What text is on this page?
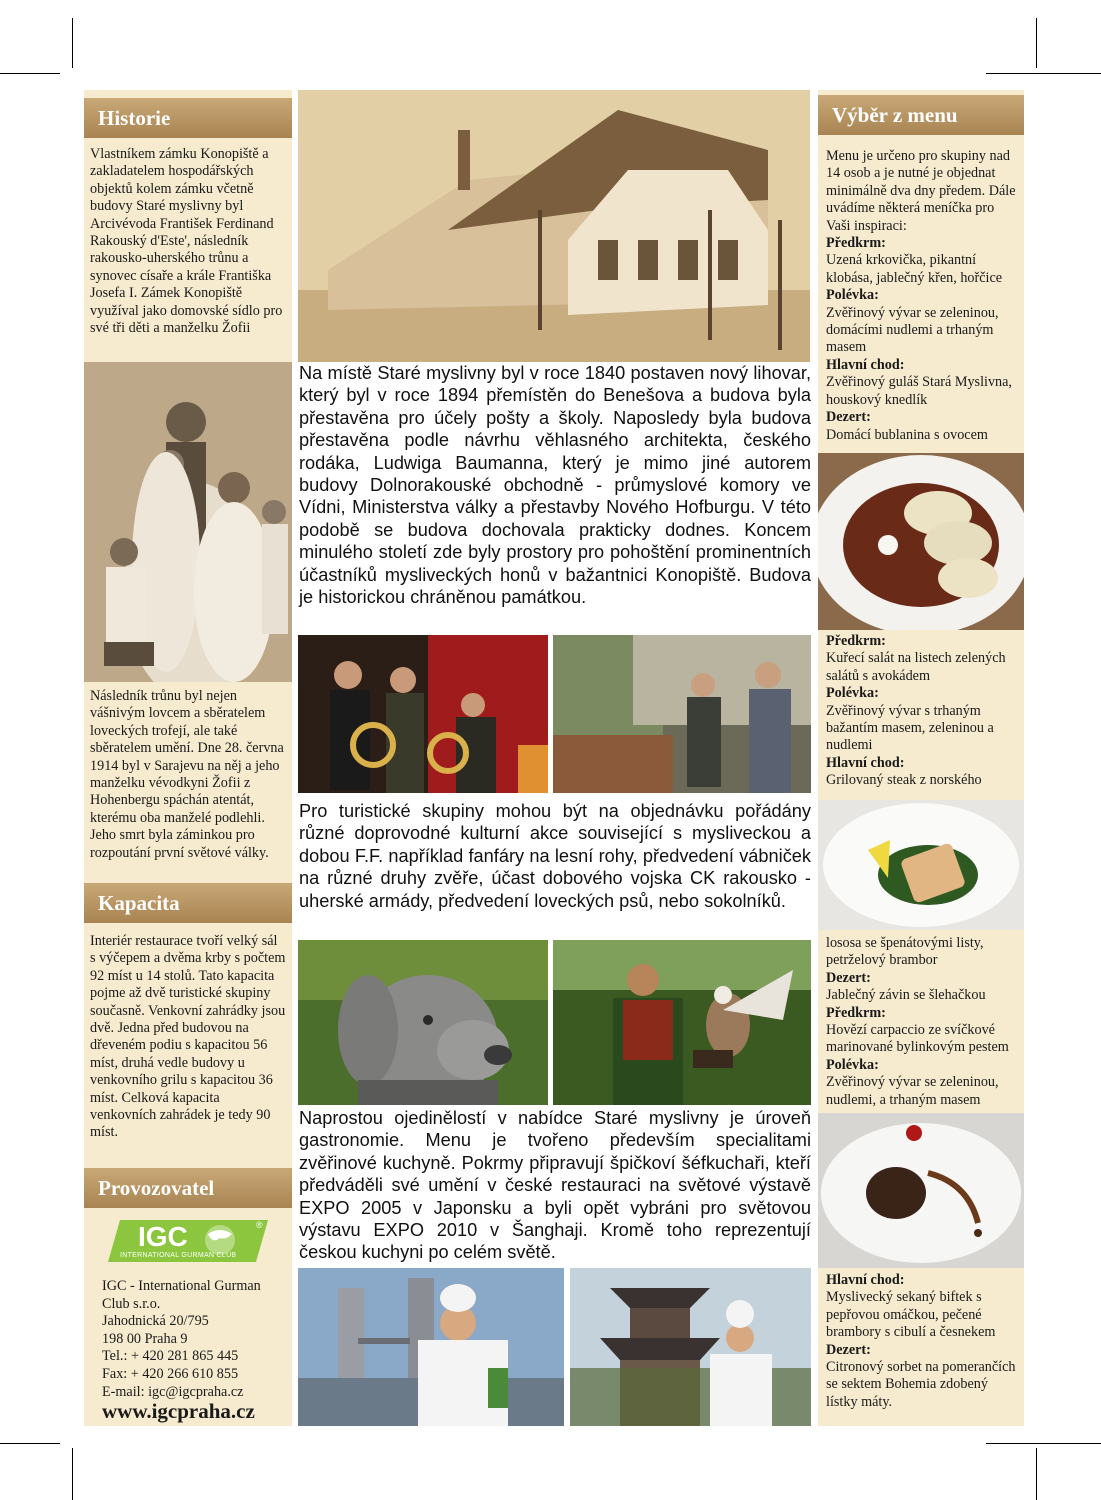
Historie
Vlastníkem zámku Konopiště a zakladatelem hospodářských objektů kolem zámku včetně budovy Staré myslivny byl Arcivévoda František Ferdinand Rakouský d'Este', následník rakousko-uherského trůnu a synovec císaře a krále Františka Josefa I. Zámek Konopiště využíval jako domovské sídlo pro své tři děti a manželku Žofii
Následník trůnu byl nejen vášnivým lovcem a sběratelem loveckých trofejí, ale také sběratelem umění. Dne 28. června 1914 byl v Sarajevu na něj a jeho manželku vévodkyni Žofii z Hohenbergu spáchán atentát, kterému oba manželé podlehli. Jeho smrt byla záminkou pro rozpoutání první světové války.
Kapacita
Interiér restaurace tvoří velký sál s výčepem a dvěma krby s počtem 92 míst u 14 stolů. Tato kapacita pojme až dvě turistické skupiny současně. Venkovní zahrádky jsou dvě. Jedna před budovou na dřeveném podiu s kapacitou 56 míst, druhá vedle budovy u venkovního grilu s kapacitou 36 míst. Celková kapacita venkovních zahrádek je tedy 90 míst.
Provozovatel
IGC	®
INTERNATIONAL GURMAN CLUB
IGC - International Gurman
Club s.r.o.
Jahodnická 20/795
198 00 Praha 9
Tel.: + 420 281 865 445
Fax: + 420 266 610 855
E-mail: igc@igcpraha.cz
www.igcpraha.cz
Na místě Staré myslivny byl v roce 1840 postaven nový lihovar, který byl v roce 1894 přemístěn do Benešova a budova byla přestavěna pro účely pošty a školy. Naposledy byla budova přestavěna podle návrhu věhlasného architekta, českého rodáka, Ludwiga Baumanna, který je mimo jiné autorem budovy Dolnorakouské obchodně - průmyslové komory ve Vídni, Ministerstva války a přestavby Nového Hofburgu. V této podobě se budova dochovala prakticky dodnes. Koncem minulého století zde byly prostory pro pohoštění prominentních účastníků mysliveckých honů v bažantnici Konopiště. Budova je historickou chráněnou památkou.
Pro turistické skupiny mohou být na objednávku pořádány různé doprovodné kulturní akce související s mysliveckou a dobou F.F. například fanfáry na lesní rohy, předvedení vábniček na různé druhy zvěře, účast dobového vojska CK rakousko - uherské armády, předvedení loveckých psů, nebo sokolníků.
Naprostou ojedinělostí v nabídce Staré myslivny je úroveň gastronomie. Menu je tvořeno především specialitami zvěřinové kuchyně. Pokrmy připravují špičkoví šéfkuchaři, kteří předváděli své umění v české restauraci na světové výstavě EXPO 2005 v Japonsku a byli opět vybráni pro světovou výstavu EXPO 2010 v Šanghaji. Kromě toho reprezentují českou kuchyni po celém světě.
Výběr z menu
Menu je určeno pro skupiny nad 14 osob a je nutné je objednat minimálně dva dny předem. Dále uvádíme některá meníčka pro Vaši inspiraci:
Předkrm:
Uzená krkovička, pikantní klobása, jablečný křen, hořčice
Polévka:
Zvěřinový vývar se zeleninou, domácími nudlemi a trhaným masem
Hlavní chod:
Zvěřinový guláš Stará Myslivna, houskový knedlík
Dezert:
Domácí bublanina s ovocem
Předkrm:
Kuřecí salát na listech zelených salátů s avokádem
Polévka:
Zvěřinový vývar s trhaným bažantím masem, zeleninou a nudlemi
Hlavní chod:
Grilovaný steak z norského
lososa se špenátovými listy, petrželový brambor
Dezert:
Jablečný závin se šlehačkou
Předkrm:
Hovězí carpaccio ze svíčkové marinované bylinkovým pestem
Polévka:
Zvěřinový vývar se zeleninou, nudlemi, a trhaným masem
Hlavní chod:
Myslivecký sekaný biftek s pepřovou omáčkou, pečené brambory s cibulí a česnekem
Dezert:
Citronový sorbet na pomerančích se sektem Bohemia zdobený lístky máty.
